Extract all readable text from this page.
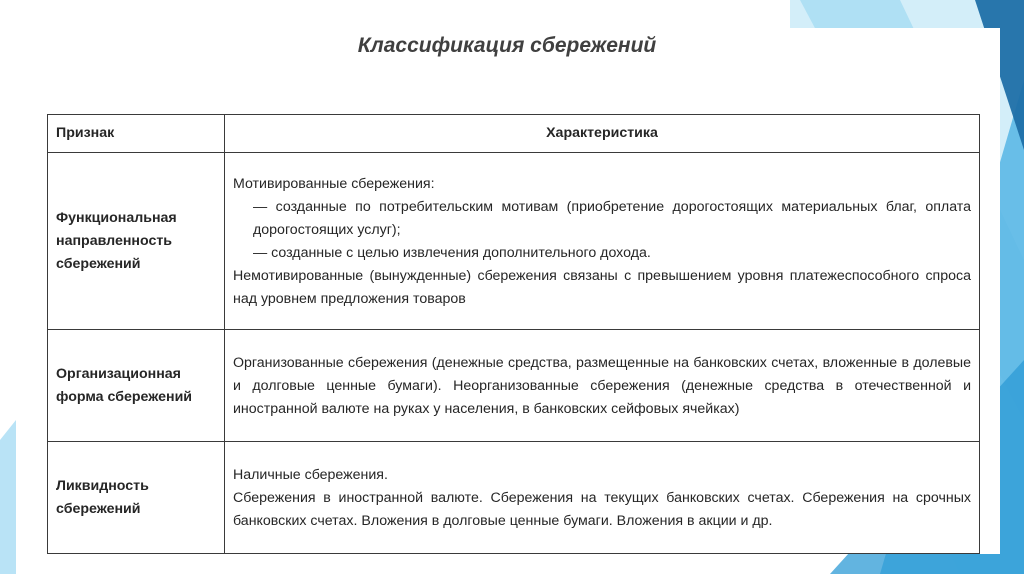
Классификация сбережений
Признак	Характеристика
Функциональная направленность сбережений	Мотивированные сбережения:
— созданные по потребительским мотивам (приобретение дорогостоящих материальных благ, оплата дорогостоящих услуг);
— созданные с целью извлечения дополнительного дохода.
Немотивированные (вынужденные) сбережения связаны с превышением уровня платежеспособного спроса над уровнем предложения товаров

Организационная форма сбережений	Организованные сбережения (денежные средства, размещенные на банковских счетах, вложенные в долевые и долговые ценные бумаги). Неорганизованные сбережения (денежные средства в отечественной и иностранной валюте на руках у населения, в банковских сейфовых ячейках)
Ликвидность сбережений	Наличные сбережения.
Сбережения в иностранной валюте. Сбережения на текущих банковских счетах. Сбережения на срочных банковских счетах. Вложения в долговые ценные бумаги. Вложения в акции и др.
